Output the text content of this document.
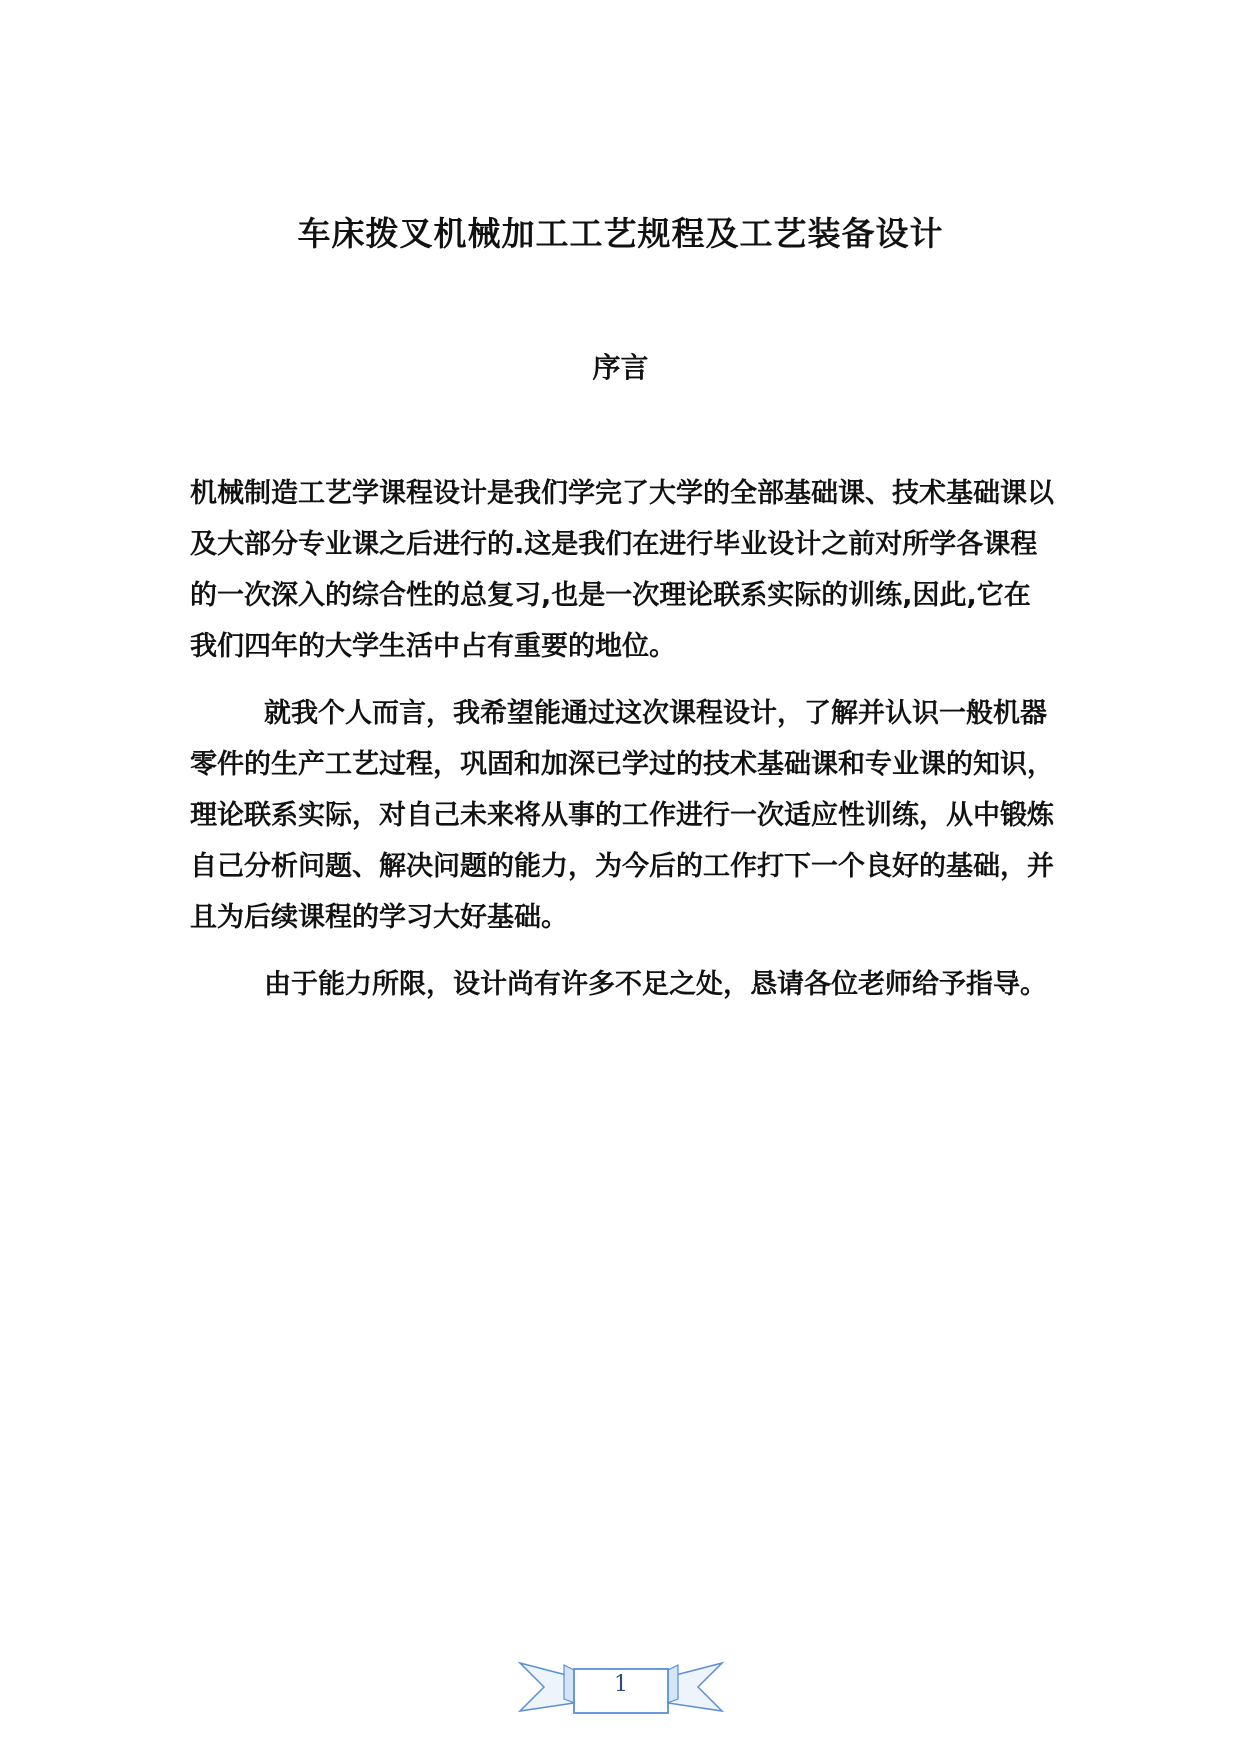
车床拨叉机械加工工艺规程及工艺装备设计
序言

机械制造工艺学课程设计是我们学完了大学的全部基础课、技术基础课以及大部分专业课之后进行的.这是我们在进行毕业设计之前对所学各课程的一次深入的综合性的总复习,也是一次理论联系实际的训练,因此,它在我们四年的大学生活中占有重要的地位。

就我个人而言，我希望能通过这次课程设计，了解并认识一般机器零件的生产工艺过程，巩固和加深已学过的技术基础课和专业课的知识，理论联系实际，对自己未来将从事的工作进行一次适应性训练，从中锻炼自己分析问题、解决问题的能力，为今后的工作打下一个良好的基础，并且为后续课程的学习大好基础。

由于能力所限，设计尚有许多不足之处，恳请各位老师给予指导。

1
